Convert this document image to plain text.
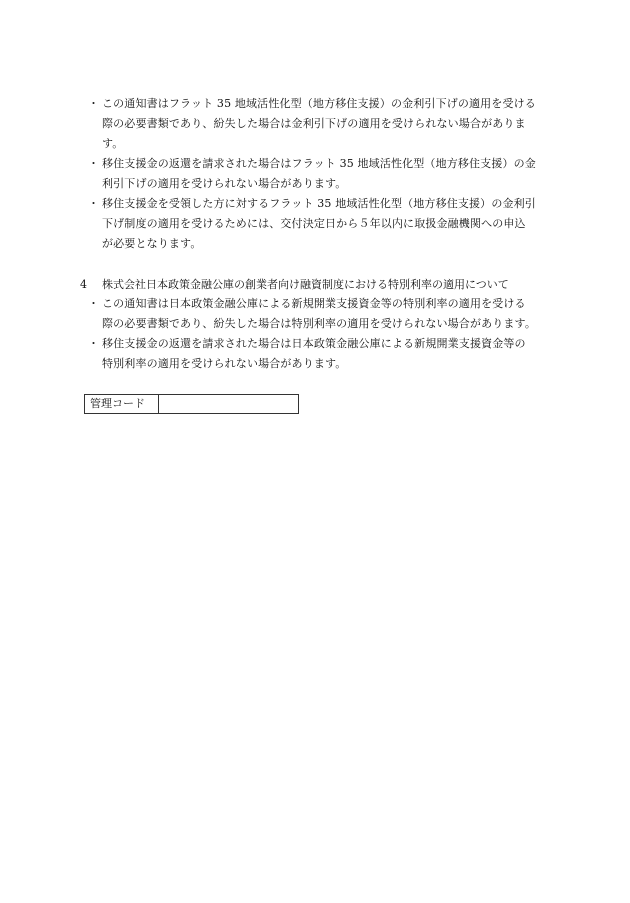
・ この通知書はフラット 35 地域活性化型（地方移住支援）の金利引下げの適用を受ける
際の必要書類であり、紛失した場合は金利引下げの適用を受けられない場合がありま
す。
・ 移住支援金の返還を請求された場合はフラット 35 地域活性化型（地方移住支援）の金
利引下げの適用を受けられない場合があります。
・ 移住支援金を受領した方に対するフラット 35 地域活性化型（地方移住支援）の金利引
下げ制度の適用を受けるためには、交付決定日から５年以内に取扱金融機関への申込
が必要となります。
4 株式会社日本政策金融公庫の創業者向け融資制度における特別利率の適用について
・ この通知書は日本政策金融公庫による新規開業支援資金等の特別利率の適用を受ける
際の必要書類であり、紛失した場合は特別利率の適用を受けられない場合があります。
・ 移住支援金の返還を請求された場合は日本政策金融公庫による新規開業支援資金等の
特別利率の適用を受けられない場合があります。
管理コード
